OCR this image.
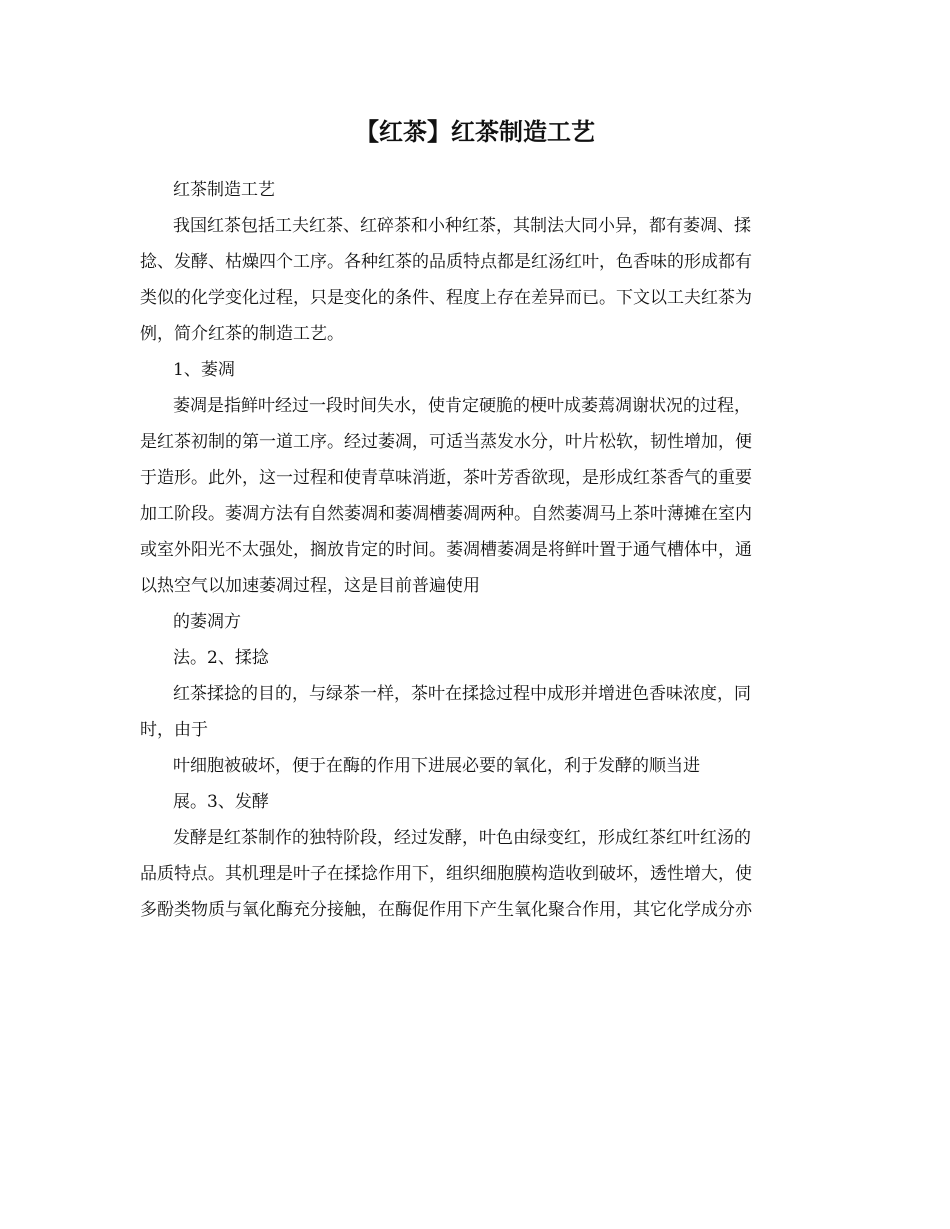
【红茶】红茶制造工艺
红茶制造工艺
我国红茶包括工夫红茶、红碎茶和小种红茶，其制法大同小异，都有萎凋、揉
捻、发酵、枯燥四个工序。各种红茶的品质特点都是红汤红叶，色香味的形成都有
类似的化学变化过程，只是变化的条件、程度上存在差异而已。下文以工夫红茶为
例，简介红茶的制造工艺。
1、萎凋
萎凋是指鲜叶经过一段时间失水，使肯定硬脆的梗叶成萎蔫凋谢状况的过程，
是红茶初制的第一道工序。经过萎凋，可适当蒸发水分，叶片松软，韧性增加，便
于造形。此外，这一过程和使青草味消逝，茶叶芳香欲现，是形成红茶香气的重要
加工阶段。萎凋方法有自然萎凋和萎凋槽萎凋两种。自然萎凋马上茶叶薄摊在室内
或室外阳光不太强处，搁放肯定的时间。萎凋槽萎凋是将鲜叶置于通气槽体中，通
以热空气以加速萎凋过程，这是目前普遍使用
的萎凋方
法。2、揉捻
红茶揉捻的目的，与绿茶一样，茶叶在揉捻过程中成形并增进色香味浓度，同
时，由于
叶细胞被破坏，便于在酶的作用下进展必要的氧化，利于发酵的顺当进
展。3、发酵
发酵是红茶制作的独特阶段，经过发酵，叶色由绿变红，形成红茶红叶红汤的
品质特点。其机理是叶子在揉捻作用下，组织细胞膜构造收到破坏，透性增大，使
多酚类物质与氧化酶充分接触，在酶促作用下产生氧化聚合作用，其它化学成分亦
